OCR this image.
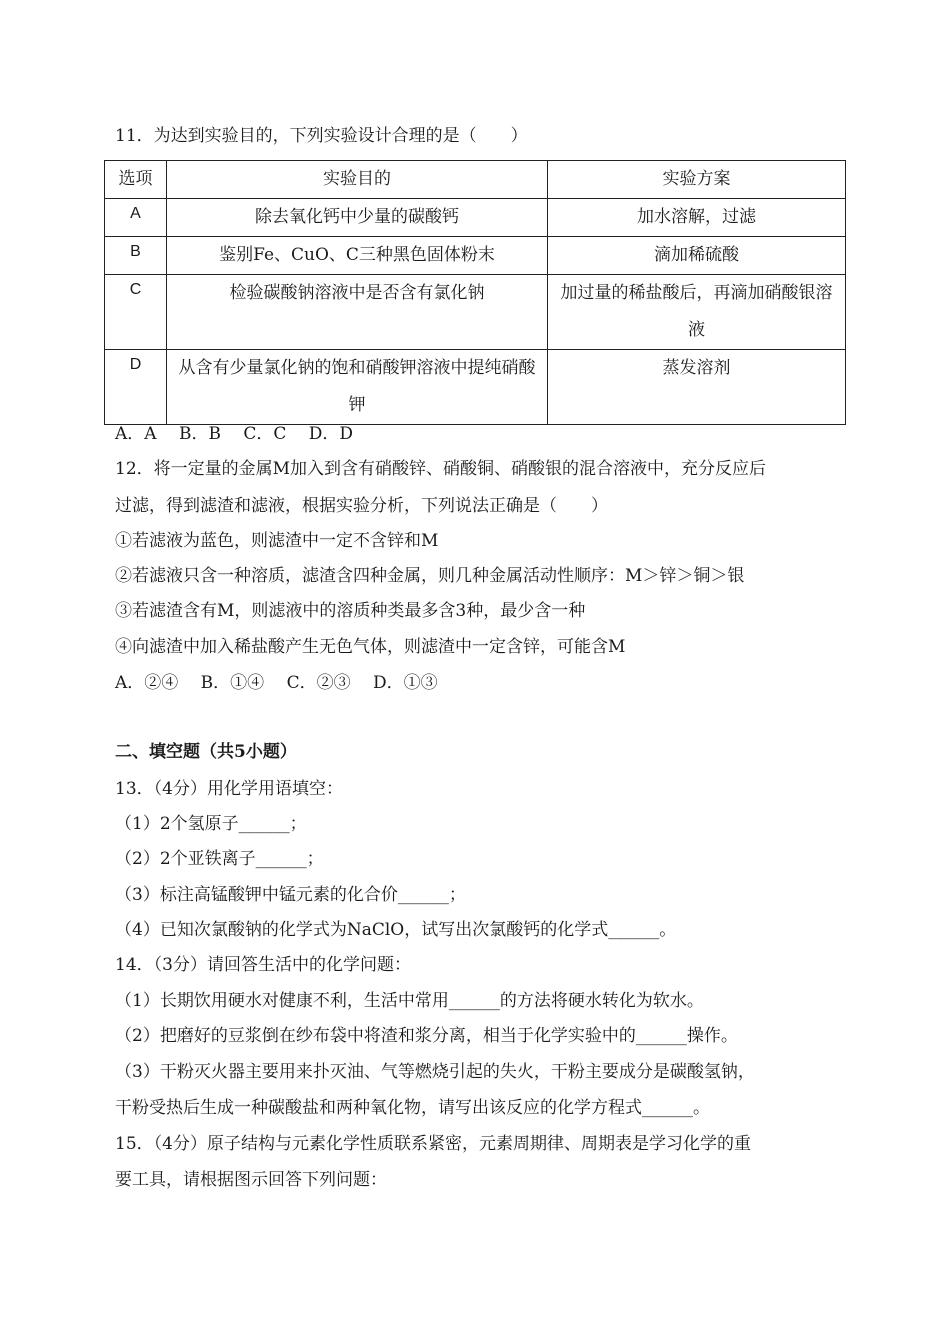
11．为达到实验目的，下列实验设计合理的是（　　）
选项	实验目的	实验方案
A	除去氧化钙中少量的碳酸钙	加水溶解，过滤
B	鉴别Fe、CuO、C三种黑色固体粉末	滴加稀硫酸
C	检验碳酸钠溶液中是否含有氯化钠	加过量的稀盐酸后，再滴加硝酸银溶液
D	从含有少量氯化钠的饱和硝酸钾溶液中提纯硝酸钾	蒸发溶剂
A．A　 B．B　 C．C　 D．D
12．将一定量的金属M加入到含有硝酸锌、硝酸铜、硝酸银的混合溶液中，充分反应后
过滤，得到滤渣和滤液，根据实验分析，下列说法正确是（　　）
①若滤液为蓝色，则滤渣中一定不含锌和M
②若滤液只含一种溶质，滤渣含四种金属，则几种金属活动性顺序：M＞锌＞铜＞银
③若滤渣含有M，则滤液中的溶质种类最多含3种，最少含一种
④向滤渣中加入稀盐酸产生无色气体，则滤渣中一定含锌，可能含M
A．②④　 B．①④　 C．②③　 D．①③
二、填空题（共5小题）
13．（4分）用化学用语填空：
（1）2个氢原子______；
（2）2个亚铁离子______；
（3）标注高锰酸钾中锰元素的化合价______；
（4）已知次氯酸钠的化学式为NaClO，试写出次氯酸钙的化学式______。
14．（3分）请回答生活中的化学问题：
（1）长期饮用硬水对健康不利，生活中常用______的方法将硬水转化为软水。
（2）把磨好的豆浆倒在纱布袋中将渣和浆分离，相当于化学实验中的______操作。
（3）干粉灭火器主要用来扑灭油、气等燃烧引起的失火，干粉主要成分是碳酸氢钠，
干粉受热后生成一种碳酸盐和两种氧化物，请写出该反应的化学方程式______。
15．（4分）原子结构与元素化学性质联系紧密，元素周期律、周期表是学习化学的重
要工具，请根据图示回答下列问题：
